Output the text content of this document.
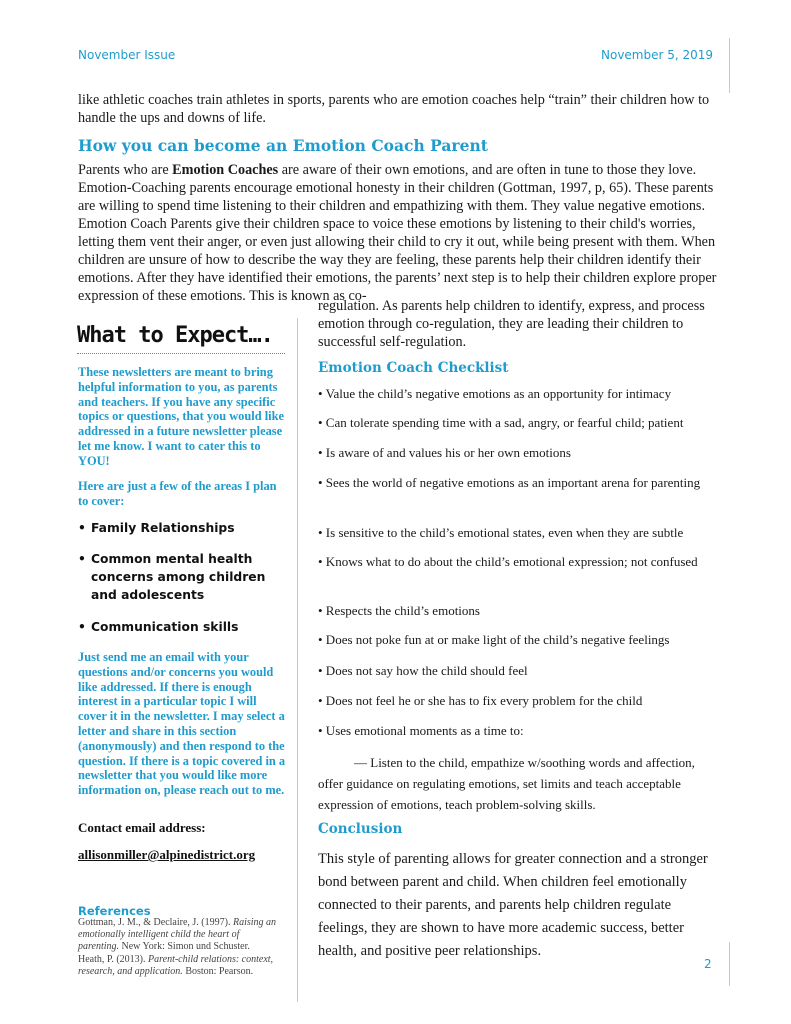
November Issue	November 5, 2019
like athletic coaches train athletes in sports, parents who are emotion coaches help “train” their children how to handle the ups and downs of life.
How you can become an Emotion Coach Parent
Parents who are Emotion Coaches are aware of their own emotions, and are often in tune to those they love. Emotion-Coaching parents encourage emotional honesty in their children (Gottman, 1997, p, 65). These parents are willing to spend time listening to their children and empathizing with them. They value negative emotions. Emotion Coach Parents give their children space to voice these emotions by listening to their child's worries, letting them vent their anger, or even just allowing their child to cry it out, while being present with them. When children are unsure of how to describe the way they are feeling, these parents help their children identify their emotions. After they have identified their emotions, the parents’ next step is to help their children explore proper expression of these emotions. This is known as co-
regulation. As parents help children to identify, express, and process emotion through co-regulation, they are leading their children to successful self-regulation.
What to Expect….
These newsletters are meant to bring helpful information to you, as parents and teachers. If you have any specific topics or questions, that you would like addressed in a future newsletter please let me know. I want to cater this to YOU!
Here are just a few of the areas I plan to cover:
• Family Relationships
• Common mental health concerns among children and adolescents
• Communication skills
Just send me an email with your questions and/or concerns you would like addressed. If there is enough interest in a particular topic I will cover it in the newsletter. I may select a letter and share in this section (anonymously) and then respond to the question. If there is a topic covered in a newsletter that you would like more information on, please reach out to me.
Contact email address:
allisonmiller@alpinedistrict.org
References

Gottman, J. M., & Declaire, J. (1997). Raising an emotionally intelligent child the heart of parenting. New York: Simon und Schuster.

Heath, P. (2013). Parent-child relations: context, research, and application. Boston: Pearson.

Emotion Coach Checklist
• Value the child’s negative emotions as an opportunity for intimacy
• Can tolerate spending time with a sad, angry, or fearful child; patient
• Is aware of and values his or her own emotions
• Sees the world of negative emotions as an important arena for parenting
• Is sensitive to the child’s emotional states, even when they are subtle
• Knows what to do about the child’s emotional expression; not confused
• Respects the child’s emotions
• Does not poke fun at or make light of the child’s negative feelings
• Does not say how the child should feel
• Does not feel he or she has to fix every problem for the child
• Uses emotional moments as a time to:
— Listen to the child, empathize w/soothing words and affection, offer guidance on regulating emotions, set limits and teach acceptable expression of emotions, teach problem-solving skills.
Conclusion
This style of parenting allows for greater connection and a stronger bond between parent and child. When children feel emotionally connected to their parents, and parents help children regulate feelings, they are shown to have more academic success, better health, and positive peer relationships.
2
